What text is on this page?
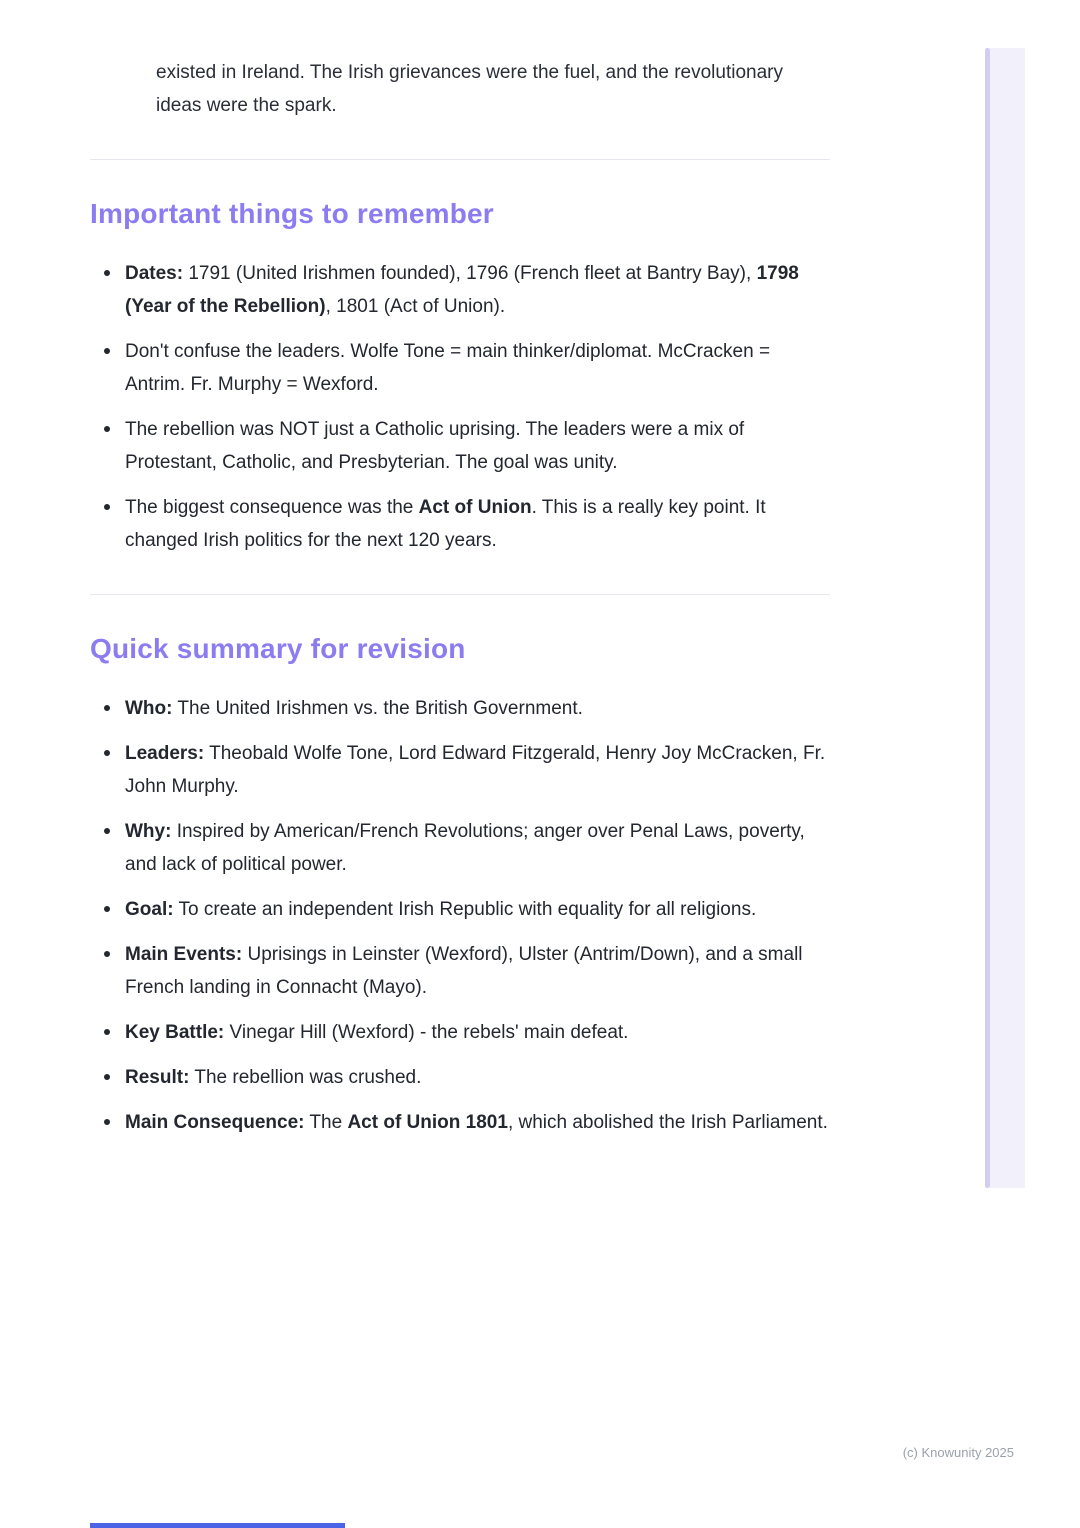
existed in Ireland. The Irish grievances were the fuel, and the revolutionary ideas were the spark.

Important things to remember
Dates: 1791 (United Irishmen founded), 1796 (French fleet at Bantry Bay), 1798 (Year of the Rebellion), 1801 (Act of Union).
Don't confuse the leaders. Wolfe Tone = main thinker/diplomat. McCracken = Antrim. Fr. Murphy = Wexford.
The rebellion was NOT just a Catholic uprising. The leaders were a mix of Protestant, Catholic, and Presbyterian. The goal was unity.
The biggest consequence was the Act of Union. This is a really key point. It changed Irish politics for the next 120 years.
Quick summary for revision
Who: The United Irishmen vs. the British Government.
Leaders: Theobald Wolfe Tone, Lord Edward Fitzgerald, Henry Joy McCracken, Fr. John Murphy.
Why: Inspired by American/French Revolutions; anger over Penal Laws, poverty, and lack of political power.
Goal: To create an independent Irish Republic with equality for all religions.
Main Events: Uprisings in Leinster (Wexford), Ulster (Antrim/Down), and a small French landing in Connacht (Mayo).
Key Battle: Vinegar Hill (Wexford) - the rebels' main defeat.
Result: The rebellion was crushed.
Main Consequence: The Act of Union 1801, which abolished the Irish Parliament.
(c) Knowunity 2025
